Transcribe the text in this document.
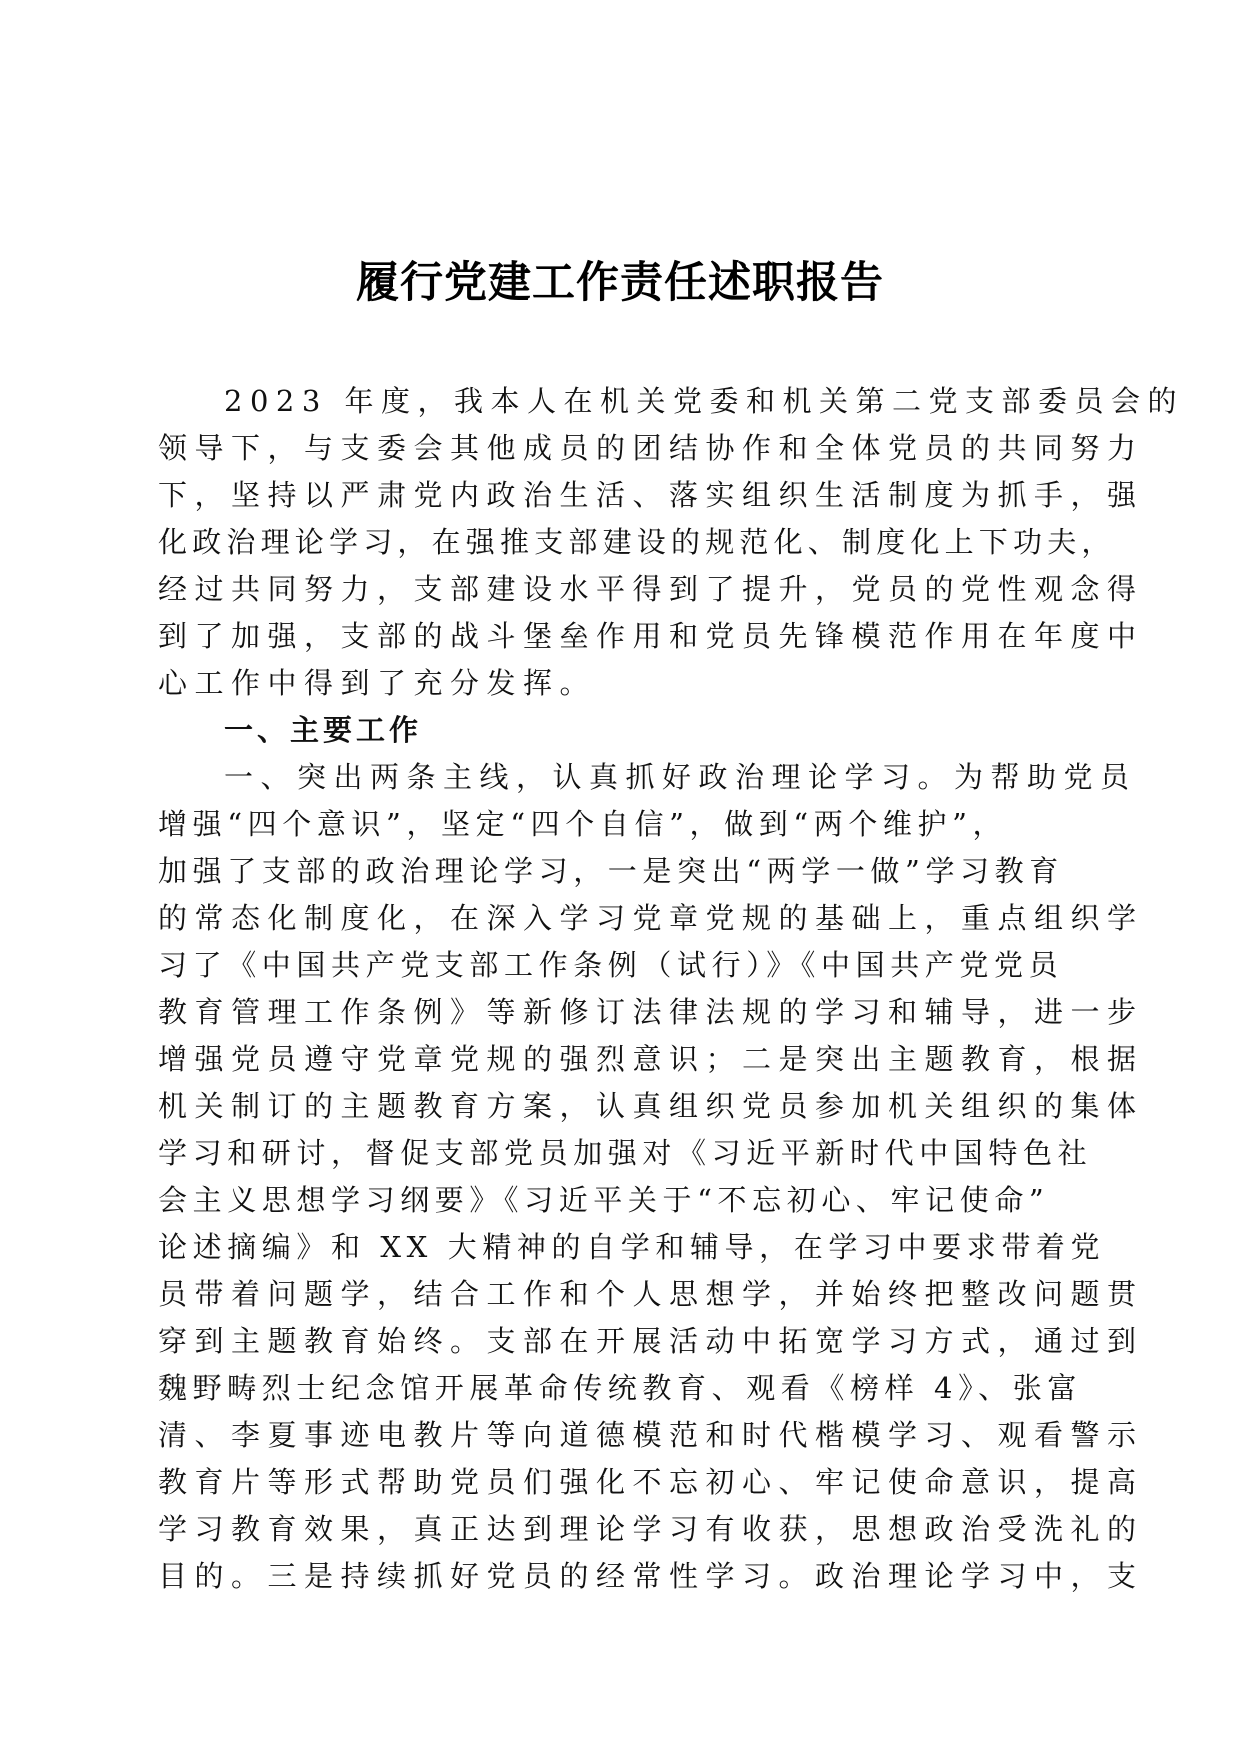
履行党建工作责任述职报告
2023 年度，我本人在机关党委和机关第二党支部委员会的
领导下，与支委会其他成员的团结协作和全体党员的共同努力
下，坚持以严肃党内政治生活、落实组织生活制度为抓手，强
化政治理论学习，在强推支部建设的规范化、制度化上下功夫，
经过共同努力，支部建设水平得到了提升，党员的党性观念得
到了加强，支部的战斗堡垒作用和党员先锋模范作用在年度中
心工作中得到了充分发挥。
一、主要工作
一、突出两条主线，认真抓好政治理论学习。为帮助党员
增强“四个意识”，坚定“四个自信”，做到“两个维护”，
加强了支部的政治理论学习，一是突出“两学一做”学习教育
的常态化制度化，在深入学习党章党规的基础上，重点组织学
习了《中国共产党支部工作条例（试行）》《中国共产党党员
教育管理工作条例》等新修订法律法规的学习和辅导，进一步
增强党员遵守党章党规的强烈意识；二是突出主题教育，根据
机关制订的主题教育方案，认真组织党员参加机关组织的集体
学习和研讨，督促支部党员加强对《习近平新时代中国特色社
会主义思想学习纲要》《习近平关于“不忘初心、牢记使命”
论述摘编》和 XX 大精神的自学和辅导，在学习中要求带着党
员带着问题学，结合工作和个人思想学，并始终把整改问题贯
穿到主题教育始终。支部在开展活动中拓宽学习方式，通过到
魏野畴烈士纪念馆开展革命传统教育、观看《榜样 4》、张富
清、李夏事迹电教片等向道德模范和时代楷模学习、观看警示
教育片等形式帮助党员们强化不忘初心、牢记使命意识，提高
学习教育效果，真正达到理论学习有收获，思想政治受洗礼的
目的。三是持续抓好党员的经常性学习。政治理论学习中，支
